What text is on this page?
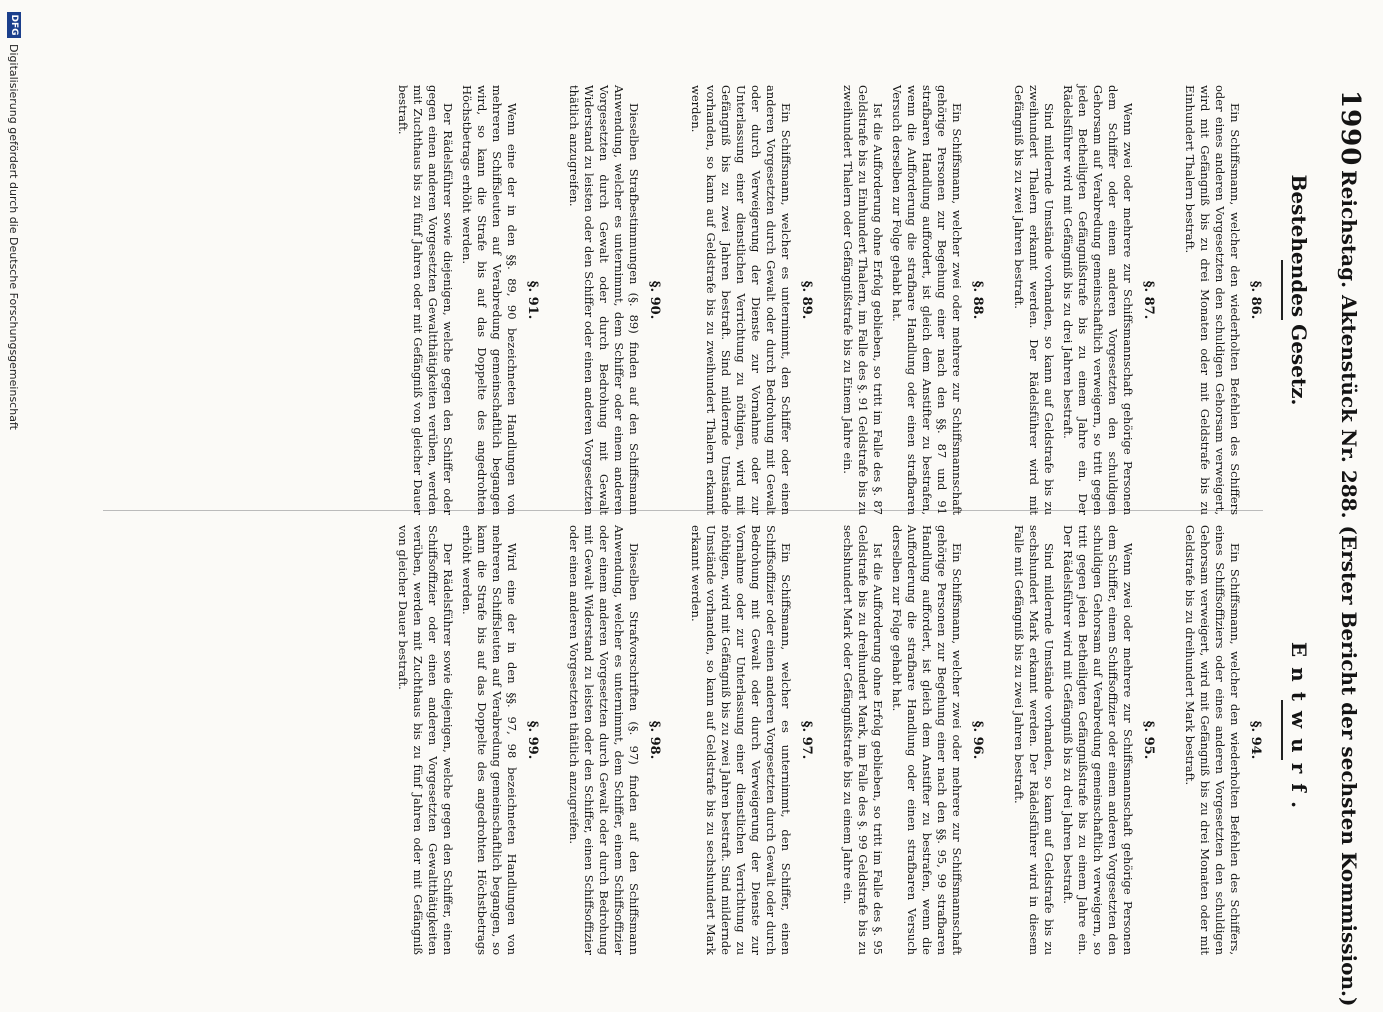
1990
Reichstag. Aktenstück Nr. 288. (Erster Bericht der sechsten Kommission.)
Bestehendes Gesetz.
Entwurf.
§. 86.

Ein Schiffsmann, welcher den wiederholten Befehlen des Schiffers oder eines anderen Vorgesetzten den schuldigen Gehorsam verweigert, wird mit Gefängniß bis zu drei Monaten oder mit Geldstrafe bis zu Einhundert Thalern bestraft.

§. 87.

Wenn zwei oder mehrere zur Schiffsmannschaft gehörige Personen dem Schiffer oder einem anderen Vorgesetzten den schuldigen Gehorsam auf Verabredung gemeinschaftlich verweigern, so tritt gegen jeden Betheiligten Gefängnißstrafe bis zu einem Jahre ein. Der Rädelsführer wird mit Gefängniß bis zu drei Jahren bestraft.

Sind mildernde Umstände vorhanden, so kann auf Geldstrafe bis zu zweihundert Thalern erkannt werden. Der Rädelsführer wird mit Gefängniß bis zu zwei Jahren bestraft.

§. 88.

Ein Schiffsmann, welcher zwei oder mehrere zur Schiffsmannschaft gehörige Personen zur Begehung einer nach den §§. 87 und 91 strafbaren Handlung auffordert, ist gleich dem Anstifter zu bestrafen, wenn die Aufforderung die strafbare Handlung oder einen strafbaren Versuch derselben zur Folge gehabt hat.

Ist die Aufforderung ohne Erfolg geblieben, so tritt im Falle des §. 87 Geldstrafe bis zu Einhundert Thalern, im Falle des §. 91 Geldstrafe bis zu zweihundert Thalern oder Gefängnißstrafe bis zu Einem Jahre ein.

§. 89.

Ein Schiffsmann, welcher es unternimmt, den Schiffer oder einen anderen Vorgesetzten durch Gewalt oder durch Bedrohung mit Gewalt oder durch Verweigerung der Dienste zur Vornahme oder zur Unterlassung einer dienstlichen Verrichtung zu nöthigen, wird mit Gefängniß bis zu zwei Jahren bestraft. Sind mildernde Umstände vorhanden, so kann auf Geldstrafe bis zu zweihundert Thalern erkannt werden.

§. 90.

Dieselben Strafbestimmungen (§. 89) finden auf den Schiffsmann Anwendung, welcher es unternimmt, dem Schiffer oder einem anderen Vorgesetzten durch Gewalt oder durch Bedrohung mit Gewalt Widerstand zu leisten oder den Schiffer oder einen anderen Vorgesetzten thätlich anzugreifen.

§. 91.

Wenn eine der in den §§. 89, 90 bezeichneten Handlungen von mehreren Schiffsleuten auf Verabredung gemeinschaftlich begangen wird, so kann die Strafe bis auf das Doppelte des angedrohten Höchstbetrags erhöht werden.

Der Rädelsführer sowie diejenigen, welche gegen den Schiffer oder gegen einen anderen Vorgesetzten Gewaltthätigkeiten verüben, werden mit Zuchthaus bis zu fünf Jahren oder mit Gefängniß von gleicher Dauer bestraft.

§. 94.

Ein Schiffsmann, welcher den wiederholten Befehlen des Schiffers, eines Schiffsoffiziers oder eines anderen Vorgesetzten den schuldigen Gehorsam verweigert, wird mit Gefängniß bis zu drei Monaten oder mit Geldstrafe bis zu dreihundert Mark bestraft.

§. 95.

Wenn zwei oder mehrere zur Schiffsmannschaft gehörige Personen dem Schiffer, einem Schiffsoffizier oder einem anderen Vorgesetzten den schuldigen Gehorsam auf Verabredung gemeinschaftlich verweigern, so tritt gegen jeden Betheiligten Gefängnißstrafe bis zu einem Jahre ein. Der Rädelsführer wird mit Gefängniß bis zu drei Jahren bestraft.

Sind mildernde Umstände vorhanden, so kann auf Geldstrafe bis zu sechshundert Mark erkannt werden. Der Rädelsführer wird in diesem Falle mit Gefängniß bis zu zwei Jahren bestraft.

§. 96.

Ein Schiffsmann, welcher zwei oder mehrere zur Schiffsmannschaft gehörige Personen zur Begehung einer nach den §§. 95, 99 strafbaren Handlung auffordert, ist gleich dem Anstifter zu bestrafen, wenn die Aufforderung die strafbare Handlung oder einen strafbaren Versuch derselben zur Folge gehabt hat.

Ist die Aufforderung ohne Erfolg geblieben, so tritt im Falle des §. 95 Geldstrafe bis zu dreihundert Mark, im Falle des §. 99 Geldstrafe bis zu sechshundert Mark oder Gefängnißstrafe bis zu einem Jahre ein.

§. 97.

Ein Schiffsmann, welcher es unternimmt, den Schiffer, einen Schiffsoffizier oder einen anderen Vorgesetzten durch Gewalt oder durch Bedrohung mit Gewalt oder durch Verweigerung der Dienste zur Vornahme oder zur Unterlassung einer dienstlichen Verrichtung zu nöthigen, wird mit Gefängniß bis zu zwei Jahren bestraft. Sind mildernde Umstände vorhanden, so kann auf Geldstrafe bis zu sechshundert Mark erkannt werden.

§. 98.

Dieselben Strafvorschriften (§. 97) finden auf den Schiffsmann Anwendung, welcher es unternimmt, dem Schiffer, einem Schiffsoffizier oder einem anderen Vorgesetzten durch Gewalt oder durch Bedrohung mit Gewalt Widerstand zu leisten oder den Schiffer, einen Schiffsoffizier oder einen anderen Vorgesetzten thätlich anzugreifen.

§. 99.

Wird eine der in den §§. 97, 98 bezeichneten Handlungen von mehreren Schiffsleuten auf Verabredung gemeinschaftlich begangen, so kann die Strafe bis auf das Doppelte des angedrohten Höchstbetrags erhöht werden.

Der Rädelsführer sowie diejenigen, welche gegen den Schiffer, einen Schiffsoffizier oder einen anderen Vorgesetzten Gewaltthätigkeiten verüben, werden mit Zuchthaus bis zu fünf Jahren oder mit Gefängniß von gleicher Dauer bestraft.

DFG
Digitalisierung gefördert durch die Deutsche Forschungsgemeinschaft
